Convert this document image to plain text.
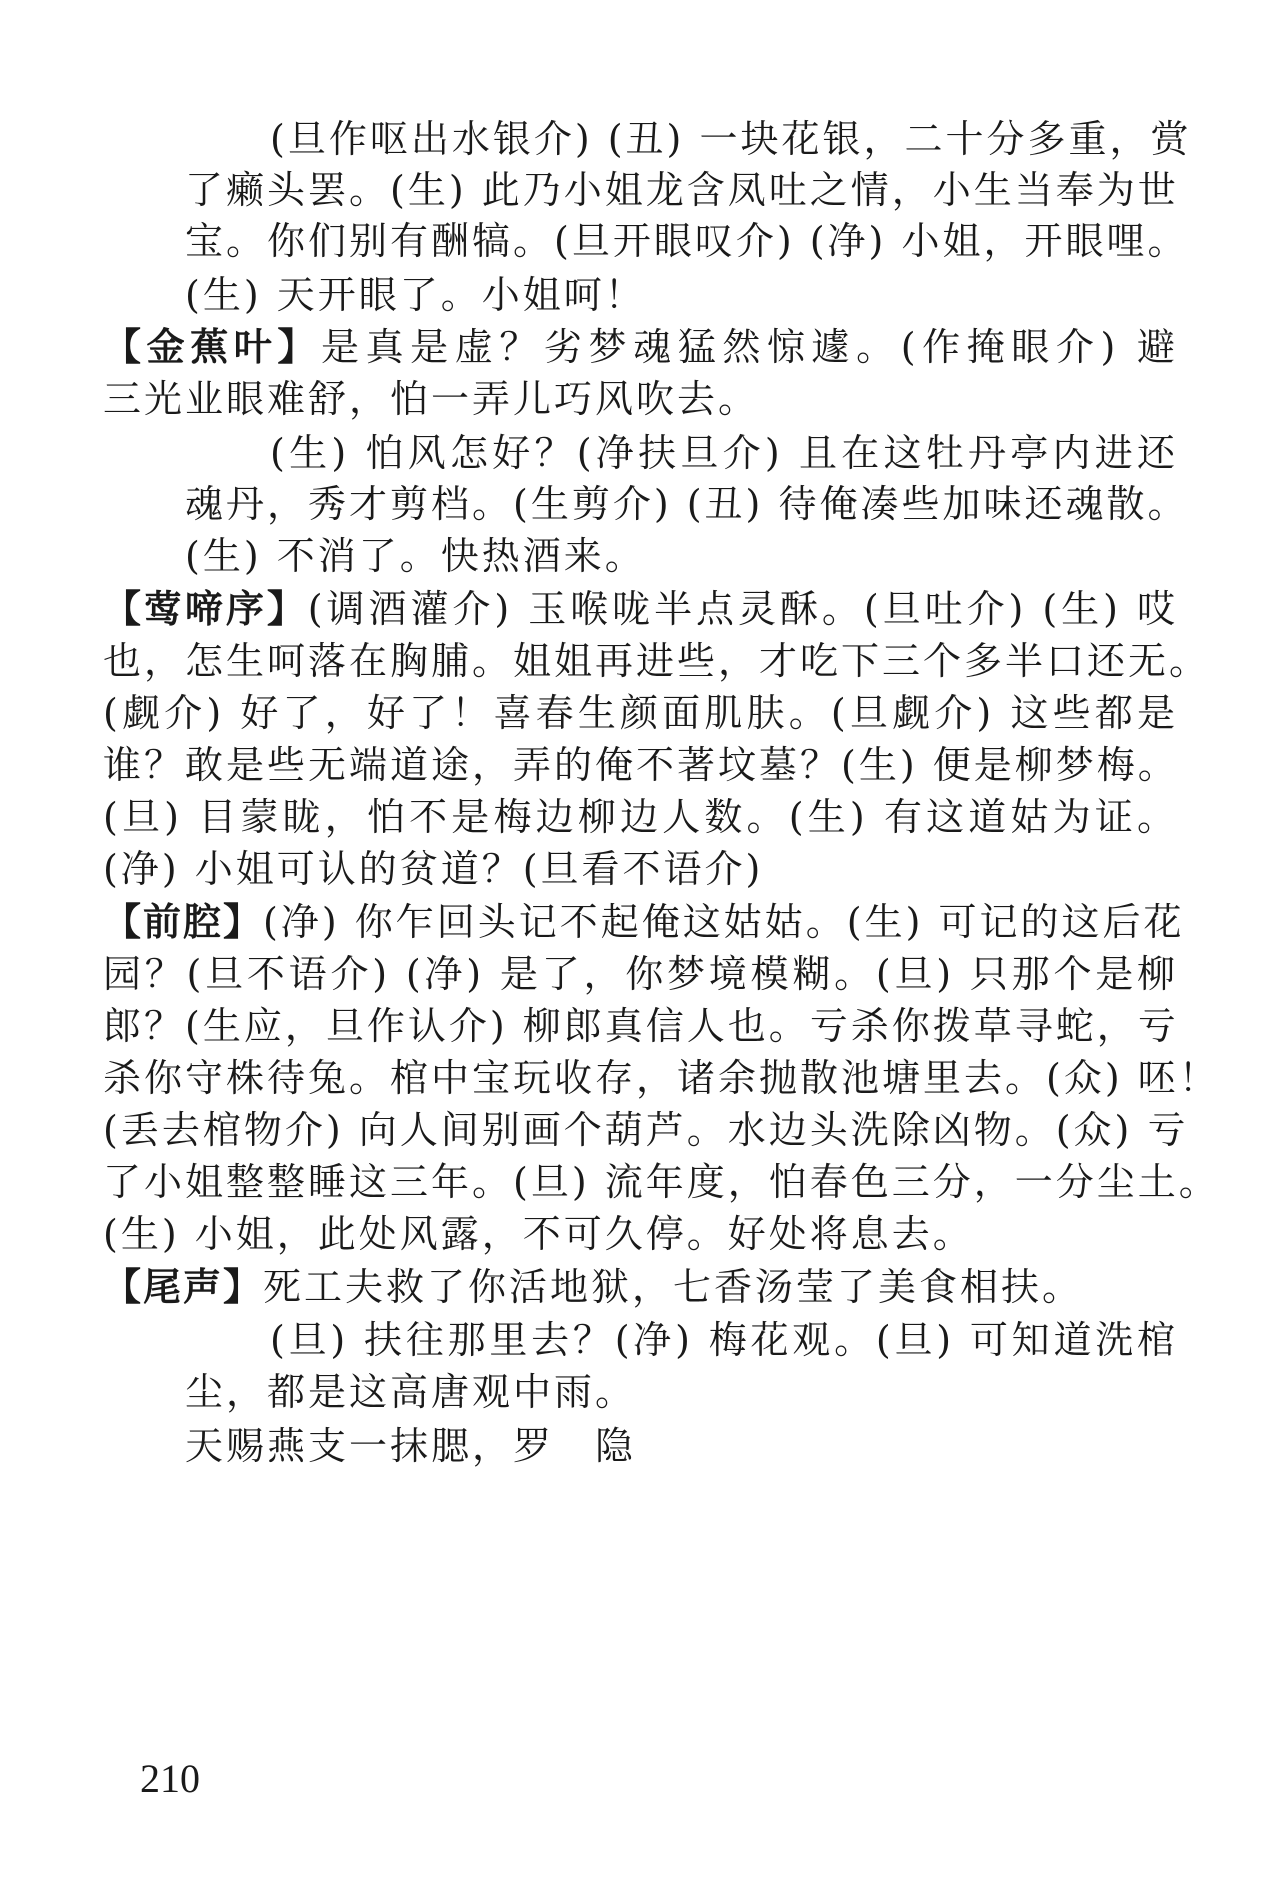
(旦作呕出水银介) (丑) 一块花银，二十分多重，赏
了癞头罢。(生) 此乃小姐龙含凤吐之情，小生当奉为世
宝。你们别有酬犒。(旦开眼叹介) (净) 小姐，开眼哩。
(生) 天开眼了。小姐呵！
【金蕉叶】是真是虚？劣梦魂猛然惊遽。(作掩眼介) 避
三光业眼难舒，怕一弄儿巧风吹去。
(生) 怕风怎好？(净扶旦介) 且在这牡丹亭内进还
魂丹，秀才剪档。(生剪介) (丑) 待俺凑些加味还魂散。
(生) 不消了。快热酒来。
【莺啼序】(调酒灌介) 玉喉咙半点灵酥。(旦吐介) (生) 哎
也，怎生呵落在胸脯。姐姐再进些，才吃下三个多半口还无。
(觑介) 好了，好了！喜春生颜面肌肤。(旦觑介) 这些都是
谁？敢是些无端道途，弄的俺不著坟墓？(生) 便是柳梦梅。
(旦) 目蒙眬，怕不是梅边柳边人数。(生) 有这道姑为证。
(净) 小姐可认的贫道？(旦看不语介)
【前腔】(净) 你乍回头记不起俺这姑姑。(生) 可记的这后花
园？(旦不语介) (净) 是了，你梦境模糊。(旦) 只那个是柳
郎？(生应，旦作认介) 柳郎真信人也。亏杀你拨草寻蛇，亏
杀你守株待兔。棺中宝玩收存，诸余抛散池塘里去。(众) 呸！
(丢去棺物介) 向人间别画个葫芦。水边头洗除凶物。(众) 亏
了小姐整整睡这三年。(旦) 流年度，怕春色三分，一分尘土。
(生) 小姐，此处风露，不可久停。好处将息去。
【尾声】死工夫救了你活地狱，七香汤莹了美食相扶。
(旦) 扶往那里去？(净) 梅花观。(旦) 可知道洗棺
尘，都是这高唐观中雨。
天赐燕支一抹腮，罗　隐
210
